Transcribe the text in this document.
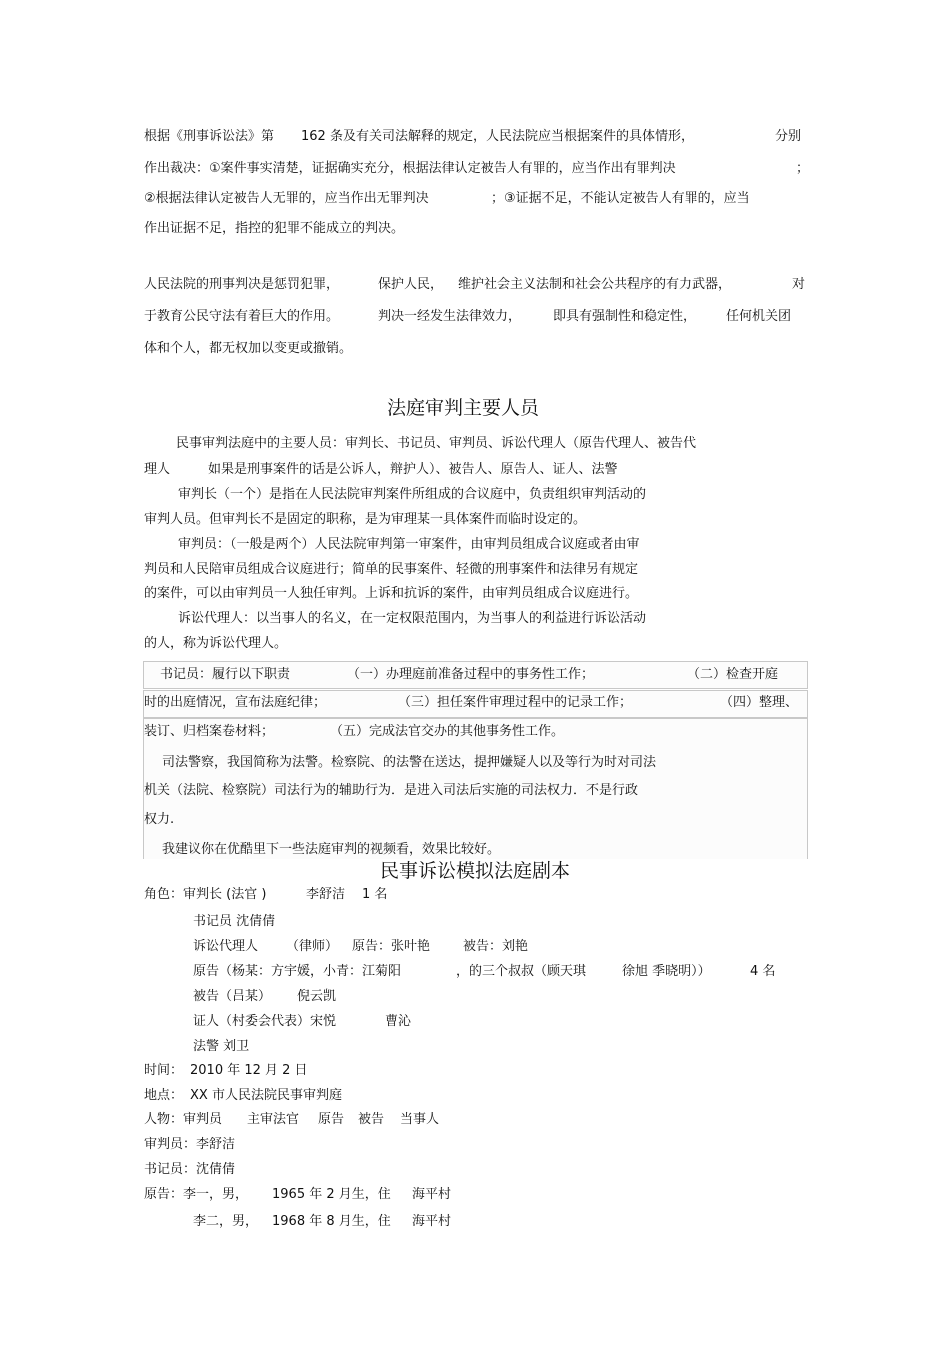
根据《刑事诉讼法》第 162 条及有关司法解释的规定，人民法院应当根据案件的具体情形，	分别
作出裁决：①案件事实清楚，证据确实充分，根据法律认定被告人有罪的，应当作出有罪判决	；
②根据法律认定被告人无罪的，应当作出无罪判决	；③证据不足，不能认定被告人有罪的，应当
作出证据不足，指控的犯罪不能成立的判决。
人民法院的刑事判决是惩罚犯罪，	保护人民， 维护社会主义法制和社会公共程序的有力武器，	对
于教育公民守法有着巨大的作用。	判决一经发生法律效力， 即具有强制性和稳定性， 任何机关团
体和个人，都无权加以变更或撤销。
法庭审判主要人员
民事审判法庭中的主要人员：审判长、书记员、审判员、诉讼代理人（原告代理人、被告代
理人	如果是刑事案件的话是公诉人，辩护人）、被告人、原告人、证人、法警
审判长（一个）是指在人民法院审判案件所组成的合议庭中，负责组织审判活动的
审判人员。但审判长不是固定的职称，是为审理某一具体案件而临时设定的。
审判员：（一般是两个）人民法院审判第一审案件，由审判员组成合议庭或者由审
判员和人民陪审员组成合议庭进行；简单的民事案件、轻微的刑事案件和法律另有规定
的案件，可以由审判员一人独任审判。上诉和抗诉的案件，由审判员组成合议庭进行。
诉讼代理人：以当事人的名义，在一定权限范围内，为当事人的利益进行诉讼活动
的人，称为诉讼代理人。
书记员：履行以下职责	（一）办理庭前准备过程中的事务性工作；	（二）检查开庭
时的出庭情况，宣布法庭纪律；	（三）担任案件审理过程中的记录工作；	（四）整理、
装订、归档案卷材料；	（五）完成法官交办的其他事务性工作。
司法警察，我国简称为法警。检察院、的法警在送达，提押嫌疑人以及等行为时对司法
机关（法院、检察院）司法行为的辅助行为．是进入司法后实施的司法权力．不是行政
权力.
我建议你在优酷里下一些法庭审判的视频看，效果比较好。
民事诉讼模拟法庭剧本
角色：审判长 (法官 )	李舒洁 1 名
书记员 沈倩倩
诉讼代理人 （律师） 原告：张叶艳	被告：刘艳
原告（杨某：方宇媛，小青：江菊阳	，的三个叔叔（顾天琪	徐旭 季晓明））	4 名
被告（吕某） 倪云凯
证人（村委会代表）宋悦	曹沁
法警 刘卫
时间： 2010 年 12 月 2 日
地点： XX 市人民法院民事审判庭
人物：审判员 主审法官 原告 被告 当事人
审判员：李舒洁
书记员：沈倩倩
原告：李一，男， 1965 年 2 月生，住 海平村
李二，男， 1968 年 8 月生，住 海平村
